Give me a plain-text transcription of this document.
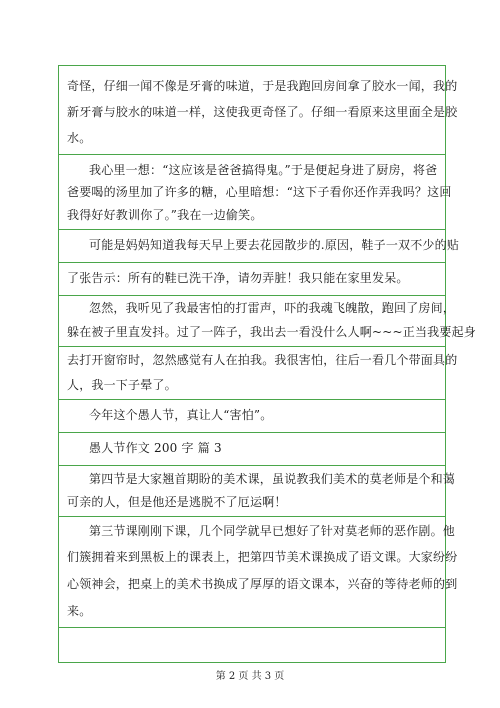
奇怪，仔细一闻不像是牙膏的味道，于是我跑回房间拿了胶水一闻，我的
新牙膏与胶水的味道一样，这使我更奇怪了。仔细一看原来这里面全是胶
水。
我心里一想：“这应该是爸爸搞得鬼。”于是便起身进了厨房，将爸
爸要喝的汤里加了许多的糖，心里暗想：“这下子看你还作弄我吗？这回
我得好好教训你了。”我在一边偷笑。
可能是妈妈知道我每天早上要去花园散步的.原因，鞋子一双不少的贴
了张告示：所有的鞋已洗干净，请勿弄脏！我只能在家里发呆。
忽然，我听见了我最害怕的打雷声，吓的我魂飞魄散，跑回了房间，
躲在被子里直发抖。过了一阵子，我出去一看没什么人啊~~~正当我要起身
去打开窗帘时，忽然感觉有人在拍我。我很害怕，往后一看几个带面具的
人，我一下子晕了。
今年这个愚人节，真让人“害怕”。
愚人节作文 200 字 篇 3
第四节是大家翘首期盼的美术课，虽说教我们美术的莫老师是个和蔼
可亲的人，但是他还是逃脱不了厄运啊！
第三节课刚刚下课，几个同学就早已想好了针对莫老师的恶作剧。他
们簇拥着来到黑板上的课表上，把第四节美术课换成了语文课。大家纷纷
心领神会，把桌上的美术书换成了厚厚的语文课本，兴奋的等待老师的到
来。
第 2 页 共 3 页
